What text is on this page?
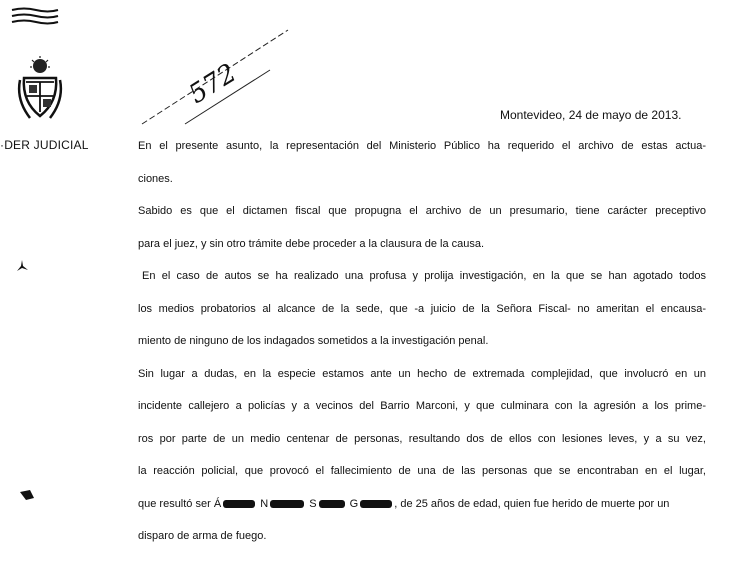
·DER JUDICIAL
572
Montevideo, 24 de mayo de 2013.
En el presente asunto, la representación del Ministerio Público ha requerido el archivo de estas actua-
ciones.
Sabido es que el dictamen fiscal que propugna el archivo de un presumario, tiene carácter preceptivo
para el juez, y sin otro trámite debe proceder a la clausura de la causa.
En el caso de autos se ha realizado una profusa y prolija investigación, en la que se han agotado todos
los medios probatorios al alcance de la sede, que -a juicio de la Señora Fiscal- no ameritan el encausa-
miento de ninguno de los indagados sometidos a la investigación penal.
Sin lugar a dudas, en la especie estamos ante un hecho de extremada complejidad, que involucró en un
incidente callejero a policías y a vecinos del Barrio Marconi, y que culminara con la agresión a los prime-
ros por parte de un medio centenar de personas, resultando dos de ellos con lesiones leves, y a su vez,
la reacción policial, que provocó el fallecimiento de una de las personas que se encontraban en el lugar,
que resultó ser Á	N	S	G	, de 25 años de edad, quien fue herido de muerte por un
disparo de arma de fuego.
